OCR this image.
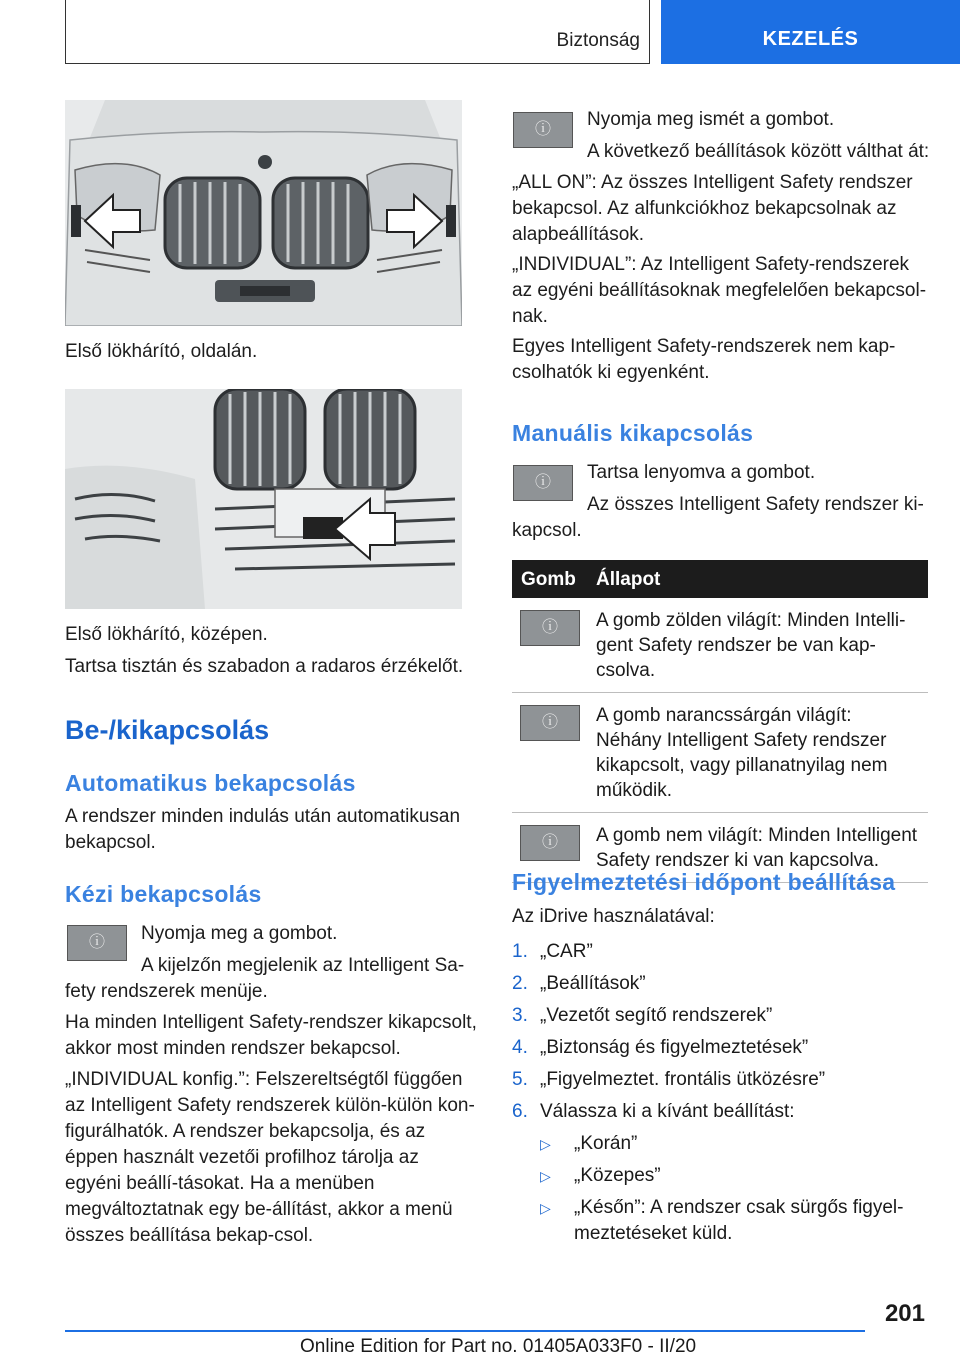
Biztonság	KEZELÉS

Első lökhárító, oldalán.

Első lökhárító, középen.

Tartsa tisztán és szabadon a radaros érzékelőt.

Be-/kikapcsolás
Automatikus bekapcsolás

A rendszer minden indulás után automatikusan bekapcsol.

Kézi bekapcsolás
ⓘ Nyomja meg a gombot.

A kijelzőn megjelenik az Intelligent Sa-

fety rendszerek menüje.

Ha minden Intelligent Safety-rendszer kikapcsolt, akkor most minden rendszer bekapcsol.

„INDIVIDUAL konfig.”: Felszereltségtől függően az Intelligent Safety rendszerek külön-külön kon-figurálhatók. A rendszer bekapcsolja, és az éppen használt vezetői profilhoz tárolja az egyéni beállí-tásokat. Ha a menüben megváltoztatnak egy be-állítást, akkor a menü összes beállítása bekap-csol.

ⓘ Nyomja meg ismét a gombot.

A következő beállítások között válthat át:

„ALL ON”: Az összes Intelligent Safety rendszer bekapcsol. Az alfunkciókhoz bekapcsolnak az alapbeállítások.

„INDIVIDUAL”: Az Intelligent Safety-rendszerek az egyéni beállításoknak megfelelően bekapcsol-nak.

Egyes Intelligent Safety-rendszerek nem kap-csolhatók ki egyenként.

Manuális kikapcsolás
ⓘ Tartsa lenyomva a gombot.

Az összes Intelligent Safety rendszer ki-

kapcsol.

Gomb	Állapot
ⓘ A gomb zölden világít: Minden Intelli-gent Safety rendszer be van kap-csolva.
ⓘ A gomb narancssárgán világít: Néhány Intelligent Safety rendszer kikapcsolt, vagy pillanatnyilag nem működik.
ⓘ A gomb nem világít: Minden Intelligent Safety rendszer ki van kapcsolva.
Figyelmeztetési időpont beállítása

Az iDrive használatával:

1. „CAR”
2. „Beállítások”
3. „Vezetőt segítő rendszerek”
4. „Biztonság és figyelmeztetések”
5. „Figyelmeztet. frontális ütközésre”
6. Válassza ki a kívánt beállítást:
▷	„Korán”
▷	„Közepes”
▷	„Későn”: A rendszer csak sürgős figyel-
meztetéseket küld.
201
Online Edition for Part no. 01405A033F0 - II/20
